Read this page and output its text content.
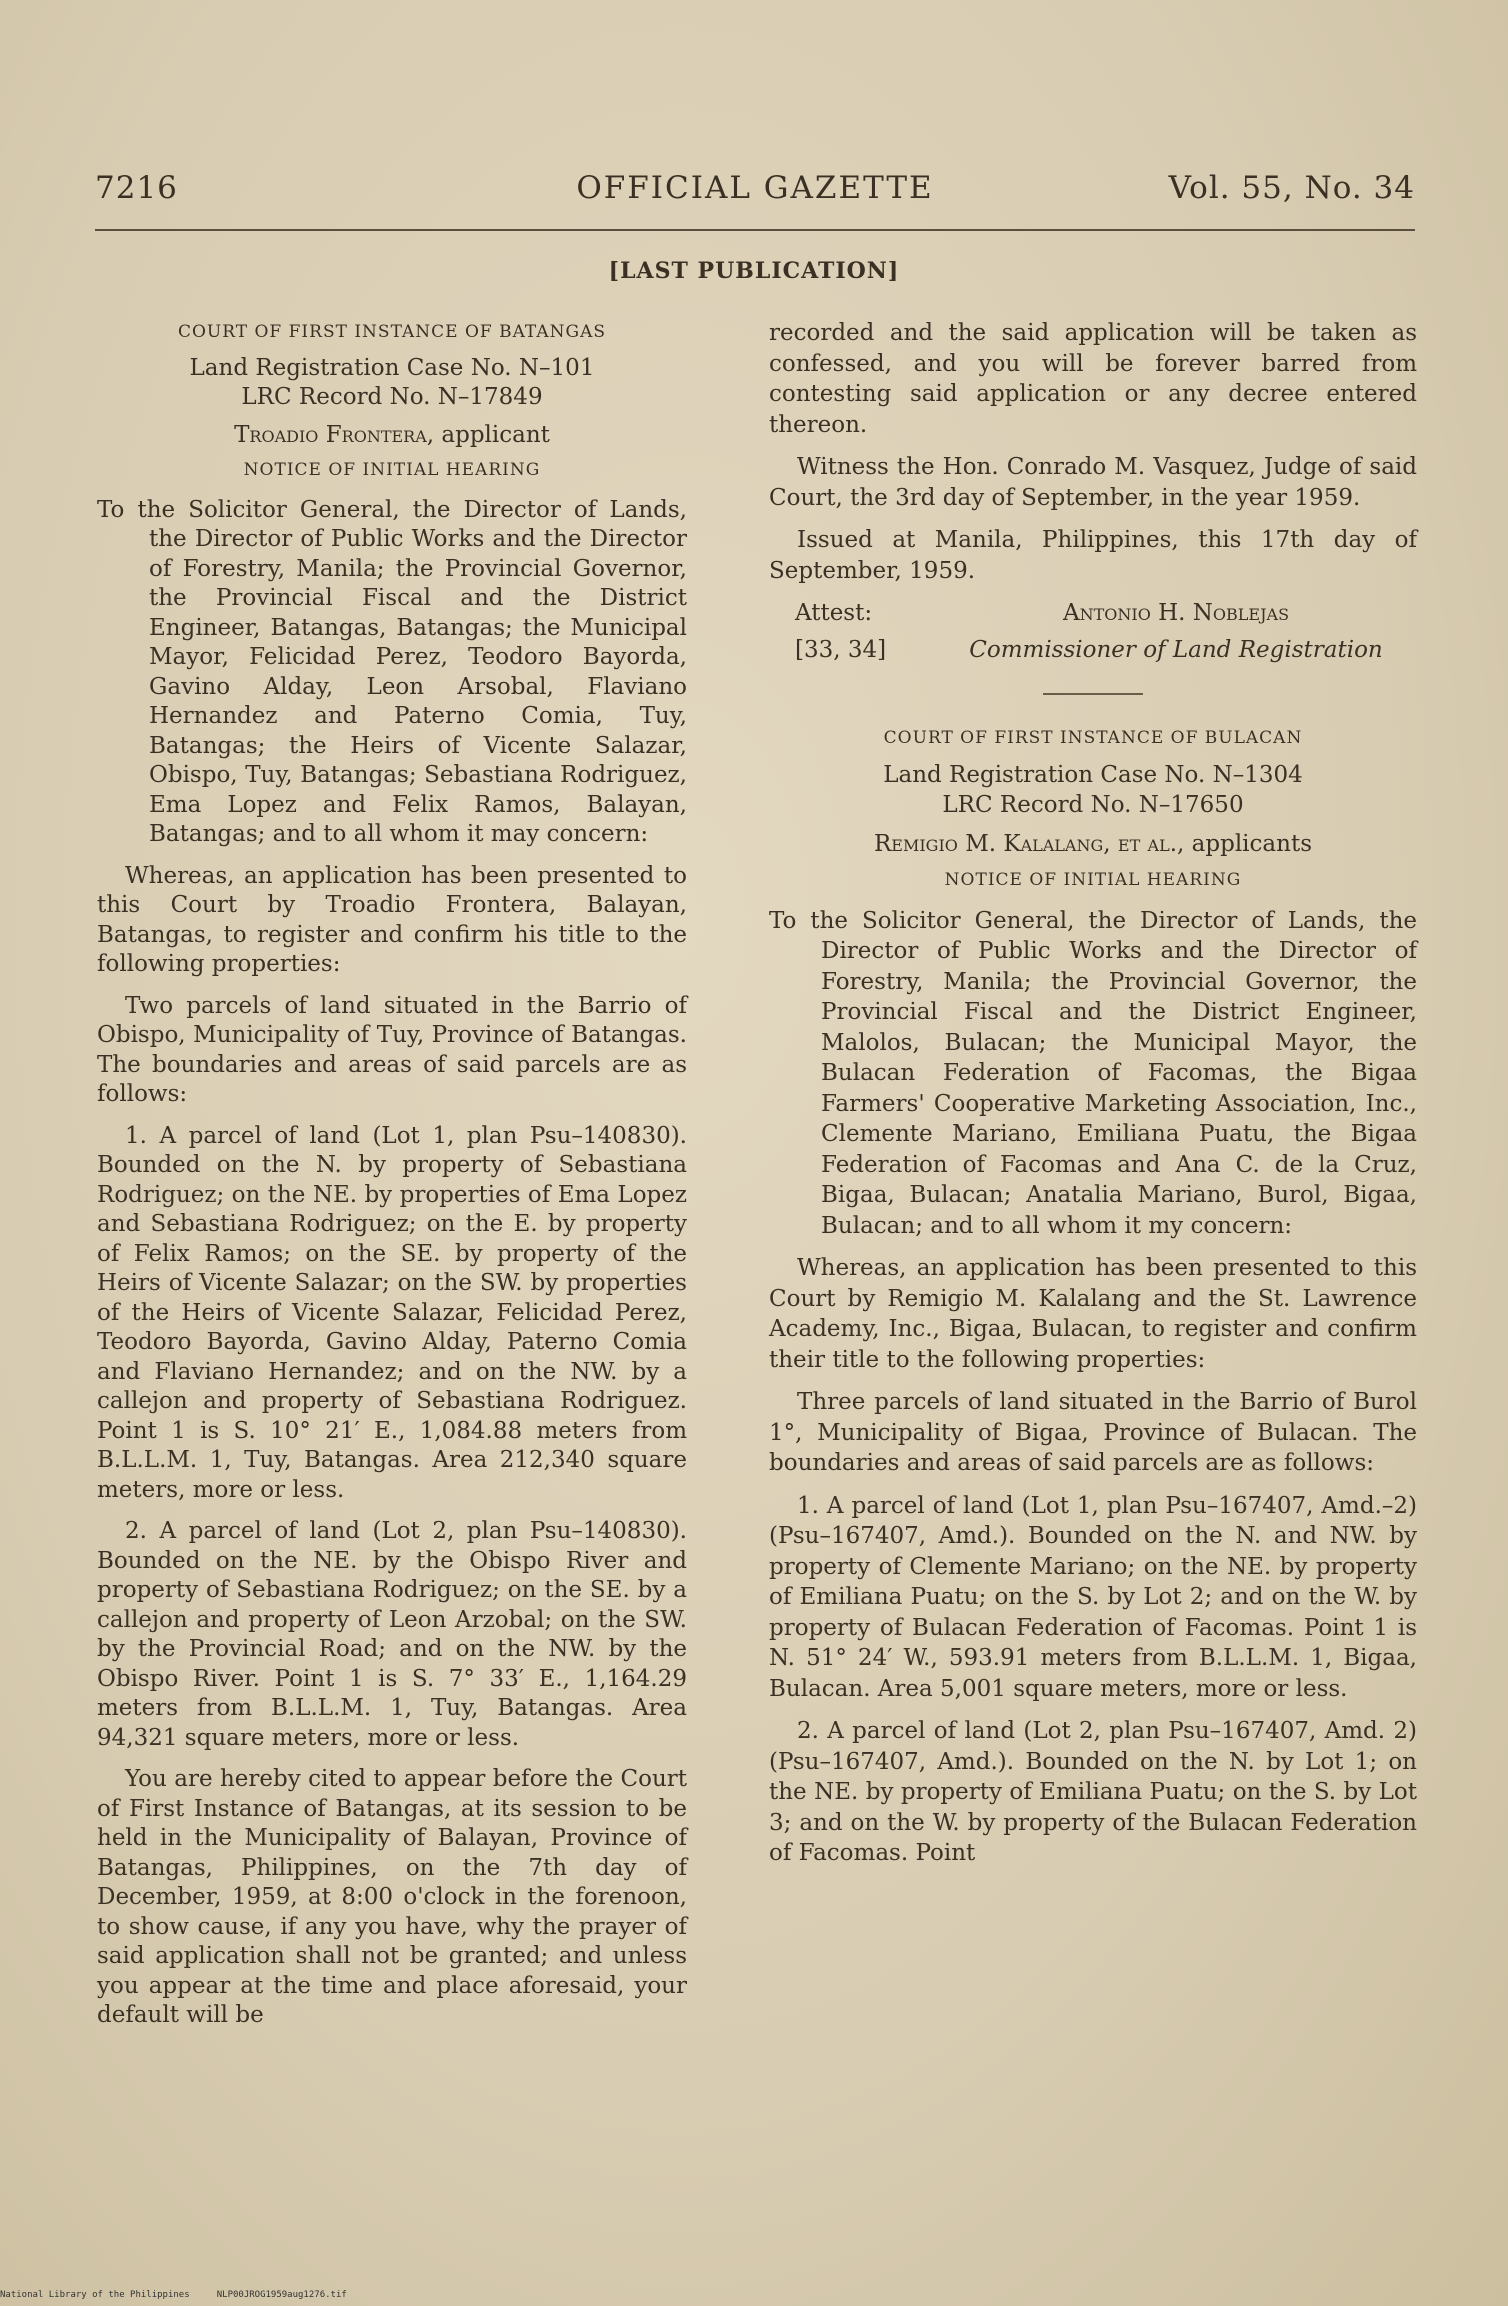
7216	OFFICIAL GAZETTE	Vol. 55, No. 34
[LAST PUBLICATION]
COURT OF FIRST INSTANCE OF BATANGAS
Land Registration Case No. N–101
LRC Record No. N–17849
Troadio Frontera, applicant
NOTICE OF INITIAL HEARING

To the Solicitor General, the Director of Lands, the Director of Public Works and the Director of Forestry, Manila; the Provincial Governor, the Provincial Fiscal and the District Engineer, Batangas, Batangas; the Municipal Mayor, Felicidad Perez, Teodoro Bayorda, Gavino Alday, Leon Arsobal, Flaviano Hernandez and Paterno Comia, Tuy, Batangas; the Heirs of Vicente Salazar, Obispo, Tuy, Batangas; Sebastiana Rodriguez, Ema Lopez and Felix Ramos, Balayan, Batangas; and to all whom it may concern:

Whereas, an application has been presented to this Court by Troadio Frontera, Balayan, Batangas, to register and confirm his title to the following properties:

Two parcels of land situated in the Barrio of Obispo, Municipality of Tuy, Province of Batangas. The boundaries and areas of said parcels are as follows:

1. A parcel of land (Lot 1, plan Psu–140830). Bounded on the N. by property of Sebastiana Rodriguez; on the NE. by properties of Ema Lopez and Sebastiana Rodriguez; on the E. by property of Felix Ramos; on the SE. by property of the Heirs of Vicente Salazar; on the SW. by properties of the Heirs of Vicente Salazar, Felicidad Perez, Teodoro Bayorda, Gavino Alday, Paterno Comia and Flaviano Hernandez; and on the NW. by a callejon and property of Sebastiana Rodriguez. Point 1 is S. 10° 21′ E., 1,084.88 meters from B.L.L.M. 1, Tuy, Batangas. Area 212,340 square meters, more or less.

2. A parcel of land (Lot 2, plan Psu–140830). Bounded on the NE. by the Obispo River and property of Sebastiana Rodriguez; on the SE. by a callejon and property of Leon Arzobal; on the SW. by the Provincial Road; and on the NW. by the Obispo River. Point 1 is S. 7° 33′ E., 1,164.29 meters from B.L.L.M. 1, Tuy, Batangas. Area 94,321 square meters, more or less.

You are hereby cited to appear before the Court of First Instance of Batangas, at its session to be held in the Municipality of Balayan, Province of Batangas, Philippines, on the 7th day of December, 1959, at 8:00 o'clock in the forenoon, to show cause, if any you have, why the prayer of said application shall not be granted; and unless you appear at the time and place aforesaid, your default will be

recorded and the said application will be taken as confessed, and you will be forever barred from contesting said application or any decree entered thereon.

Witness the Hon. Conrado M. Vasquez, Judge of said Court, the 3rd day of September, in the year 1959.

Issued at Manila, Philippines, this 17th day of September, 1959.

Attest:	Antonio H. Noblejas
[33, 34]	Commissioner of Land Registration
COURT OF FIRST INSTANCE OF BULACAN
Land Registration Case No. N–1304
LRC Record No. N–17650
Remigio M. Kalalang, et al., applicants
NOTICE OF INITIAL HEARING

To the Solicitor General, the Director of Lands, the Director of Public Works and the Director of Forestry, Manila; the Provincial Governor, the Provincial Fiscal and the District Engineer, Malolos, Bulacan; the Municipal Mayor, the Bulacan Federation of Facomas, the Bigaa Farmers' Cooperative Marketing Association, Inc., Clemente Mariano, Emiliana Puatu, the Bigaa Federation of Facomas and Ana C. de la Cruz, Bigaa, Bulacan; Anatalia Mariano, Burol, Bigaa, Bulacan; and to all whom it my concern:

Whereas, an application has been presented to this Court by Remigio M. Kalalang and the St. Lawrence Academy, Inc., Bigaa, Bulacan, to register and confirm their title to the following properties:

Three parcels of land situated in the Barrio of Burol 1°, Municipality of Bigaa, Province of Bulacan. The boundaries and areas of said parcels are as follows:

1. A parcel of land (Lot 1, plan Psu–167407, Amd.–2) (Psu–167407, Amd.). Bounded on the N. and NW. by property of Clemente Mariano; on the NE. by property of Emiliana Puatu; on the S. by Lot 2; and on the W. by property of Bulacan Federation of Facomas. Point 1 is N. 51° 24′ W., 593.91 meters from B.L.L.M. 1, Bigaa, Bulacan. Area 5,001 square meters, more or less.

2. A parcel of land (Lot 2, plan Psu–167407, Amd. 2) (Psu–167407, Amd.). Bounded on the N. by Lot 1; on the NE. by property of Emiliana Puatu; on the S. by Lot 3; and on the W. by property of the Bulacan Federation of Facomas. Point

National Library of the Philippines     NLP00JROG1959aug1276.tif
